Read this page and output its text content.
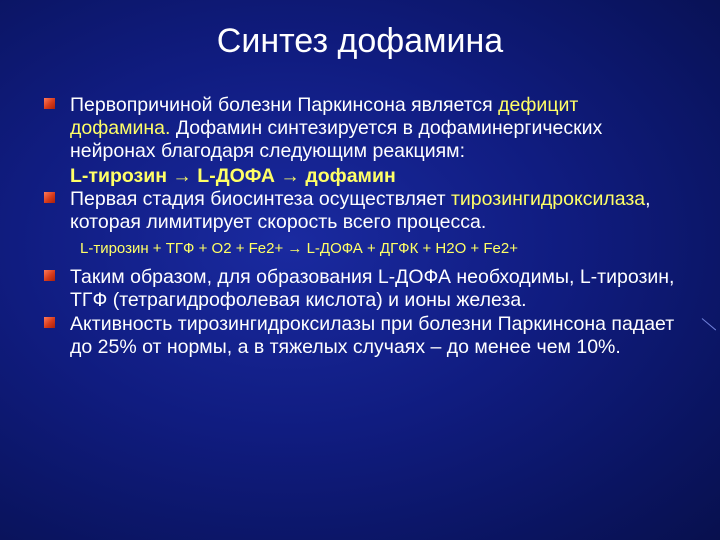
Синтез дофамина
Первопричиной болезни Паркинсона является дефицит дофамина. Дофамин синтезируется в дофаминергических нейронах благодаря следующим реакциям:
L-тирозин → L-ДОФА → дофамин
Первая стадия биосинтеза осуществляет тирозингидроксилаза, которая лимитирует скорость всего процесса.
L-тирозин + ТГФ + О2 + Fe2+ → L-ДОФА + ДГФК + Н2О + Fe2+
Таким образом, для образования L-ДОФА необходимы, L-тирозин, ТГФ (тетрагидрофолевая кислота) и ионы железа.
Активность тирозингидроксилазы при болезни Паркинсона падает до 25% от нормы, а в тяжелых случаях – до менее чем 10%.
